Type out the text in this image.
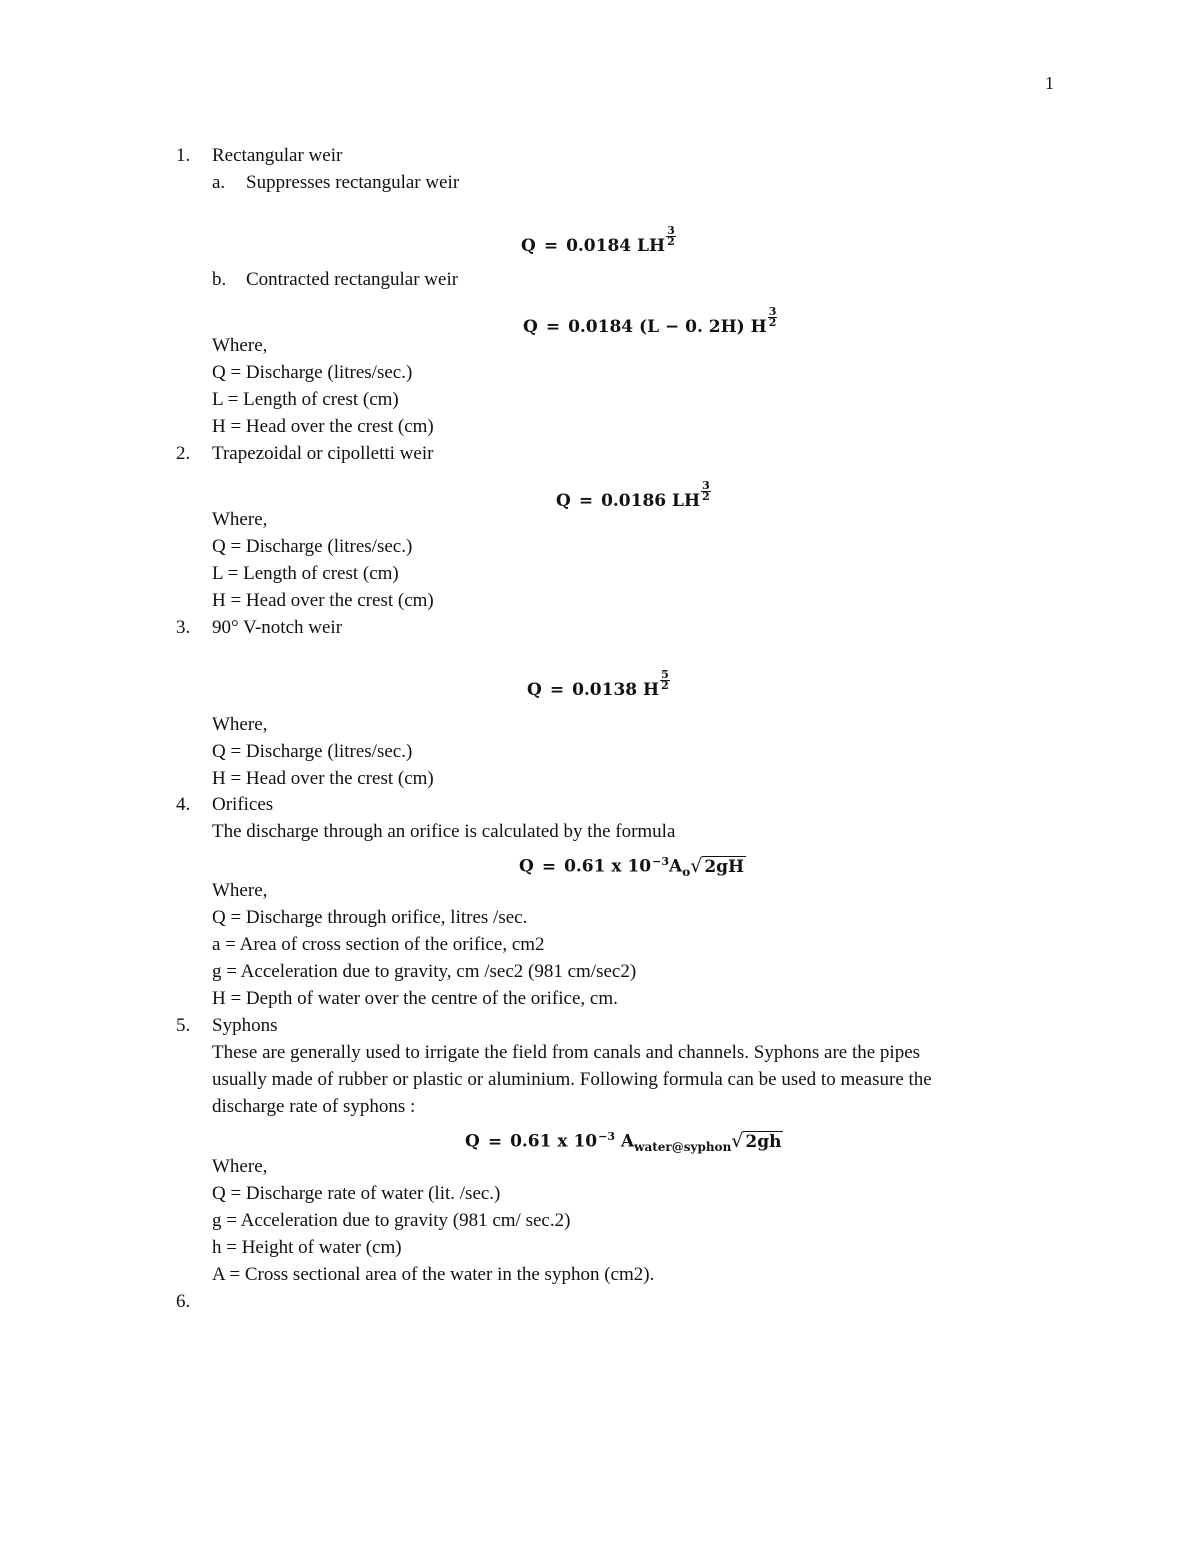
1
1. Rectangular weir
a. Suppresses rectangular weir
Q = 0.0184 LH $\frac{3}{2}$
b. Contracted rectangular weir
Q = 0.0184 (L − 0. 2H) H $\frac{3}{2}$
Where,
Q = Discharge (litres/sec.)
L = Length of crest (cm)
H = Head over the crest (cm)
2. Trapezoidal or cipolletti weir
Q = 0.0186 LH $\frac{3}{2}$
Where,
Q = Discharge (litres/sec.)
L = Length of crest (cm)
H = Head over the crest (cm)
3. 90° V-notch weir
Q = 0.0138 H $\frac{5}{2}$
Where,
Q = Discharge (litres/sec.)
H = Head over the crest (cm)
4. Orifices
The discharge through an orifice is calculated by the formula
Q = 0.61 x $10^{-3}A_o√$ 2gH
Where,
Q = Discharge through orifice, litres /sec.
a = Area of cross section of the orifice, cm2
g = Acceleration due to gravity, cm /sec2 (981 cm/sec2)
H = Depth of water over the centre of the orifice, cm.
5. Syphons
These are generally used to irrigate the field from canals and channels. Syphons are the pipes
usually made of rubber or plastic or aluminium. Following formula can be used to measure the
discharge rate of syphons :
Q = 0.61 x $10^{-3}$ $A_{water@syphon}√$ 2gh
Where,
Q = Discharge rate of water (lit. /sec.)
g = Acceleration due to gravity (981 cm/ sec.2)
h = Height of water (cm)
A = Cross sectional area of the water in the syphon (cm2).
6.
